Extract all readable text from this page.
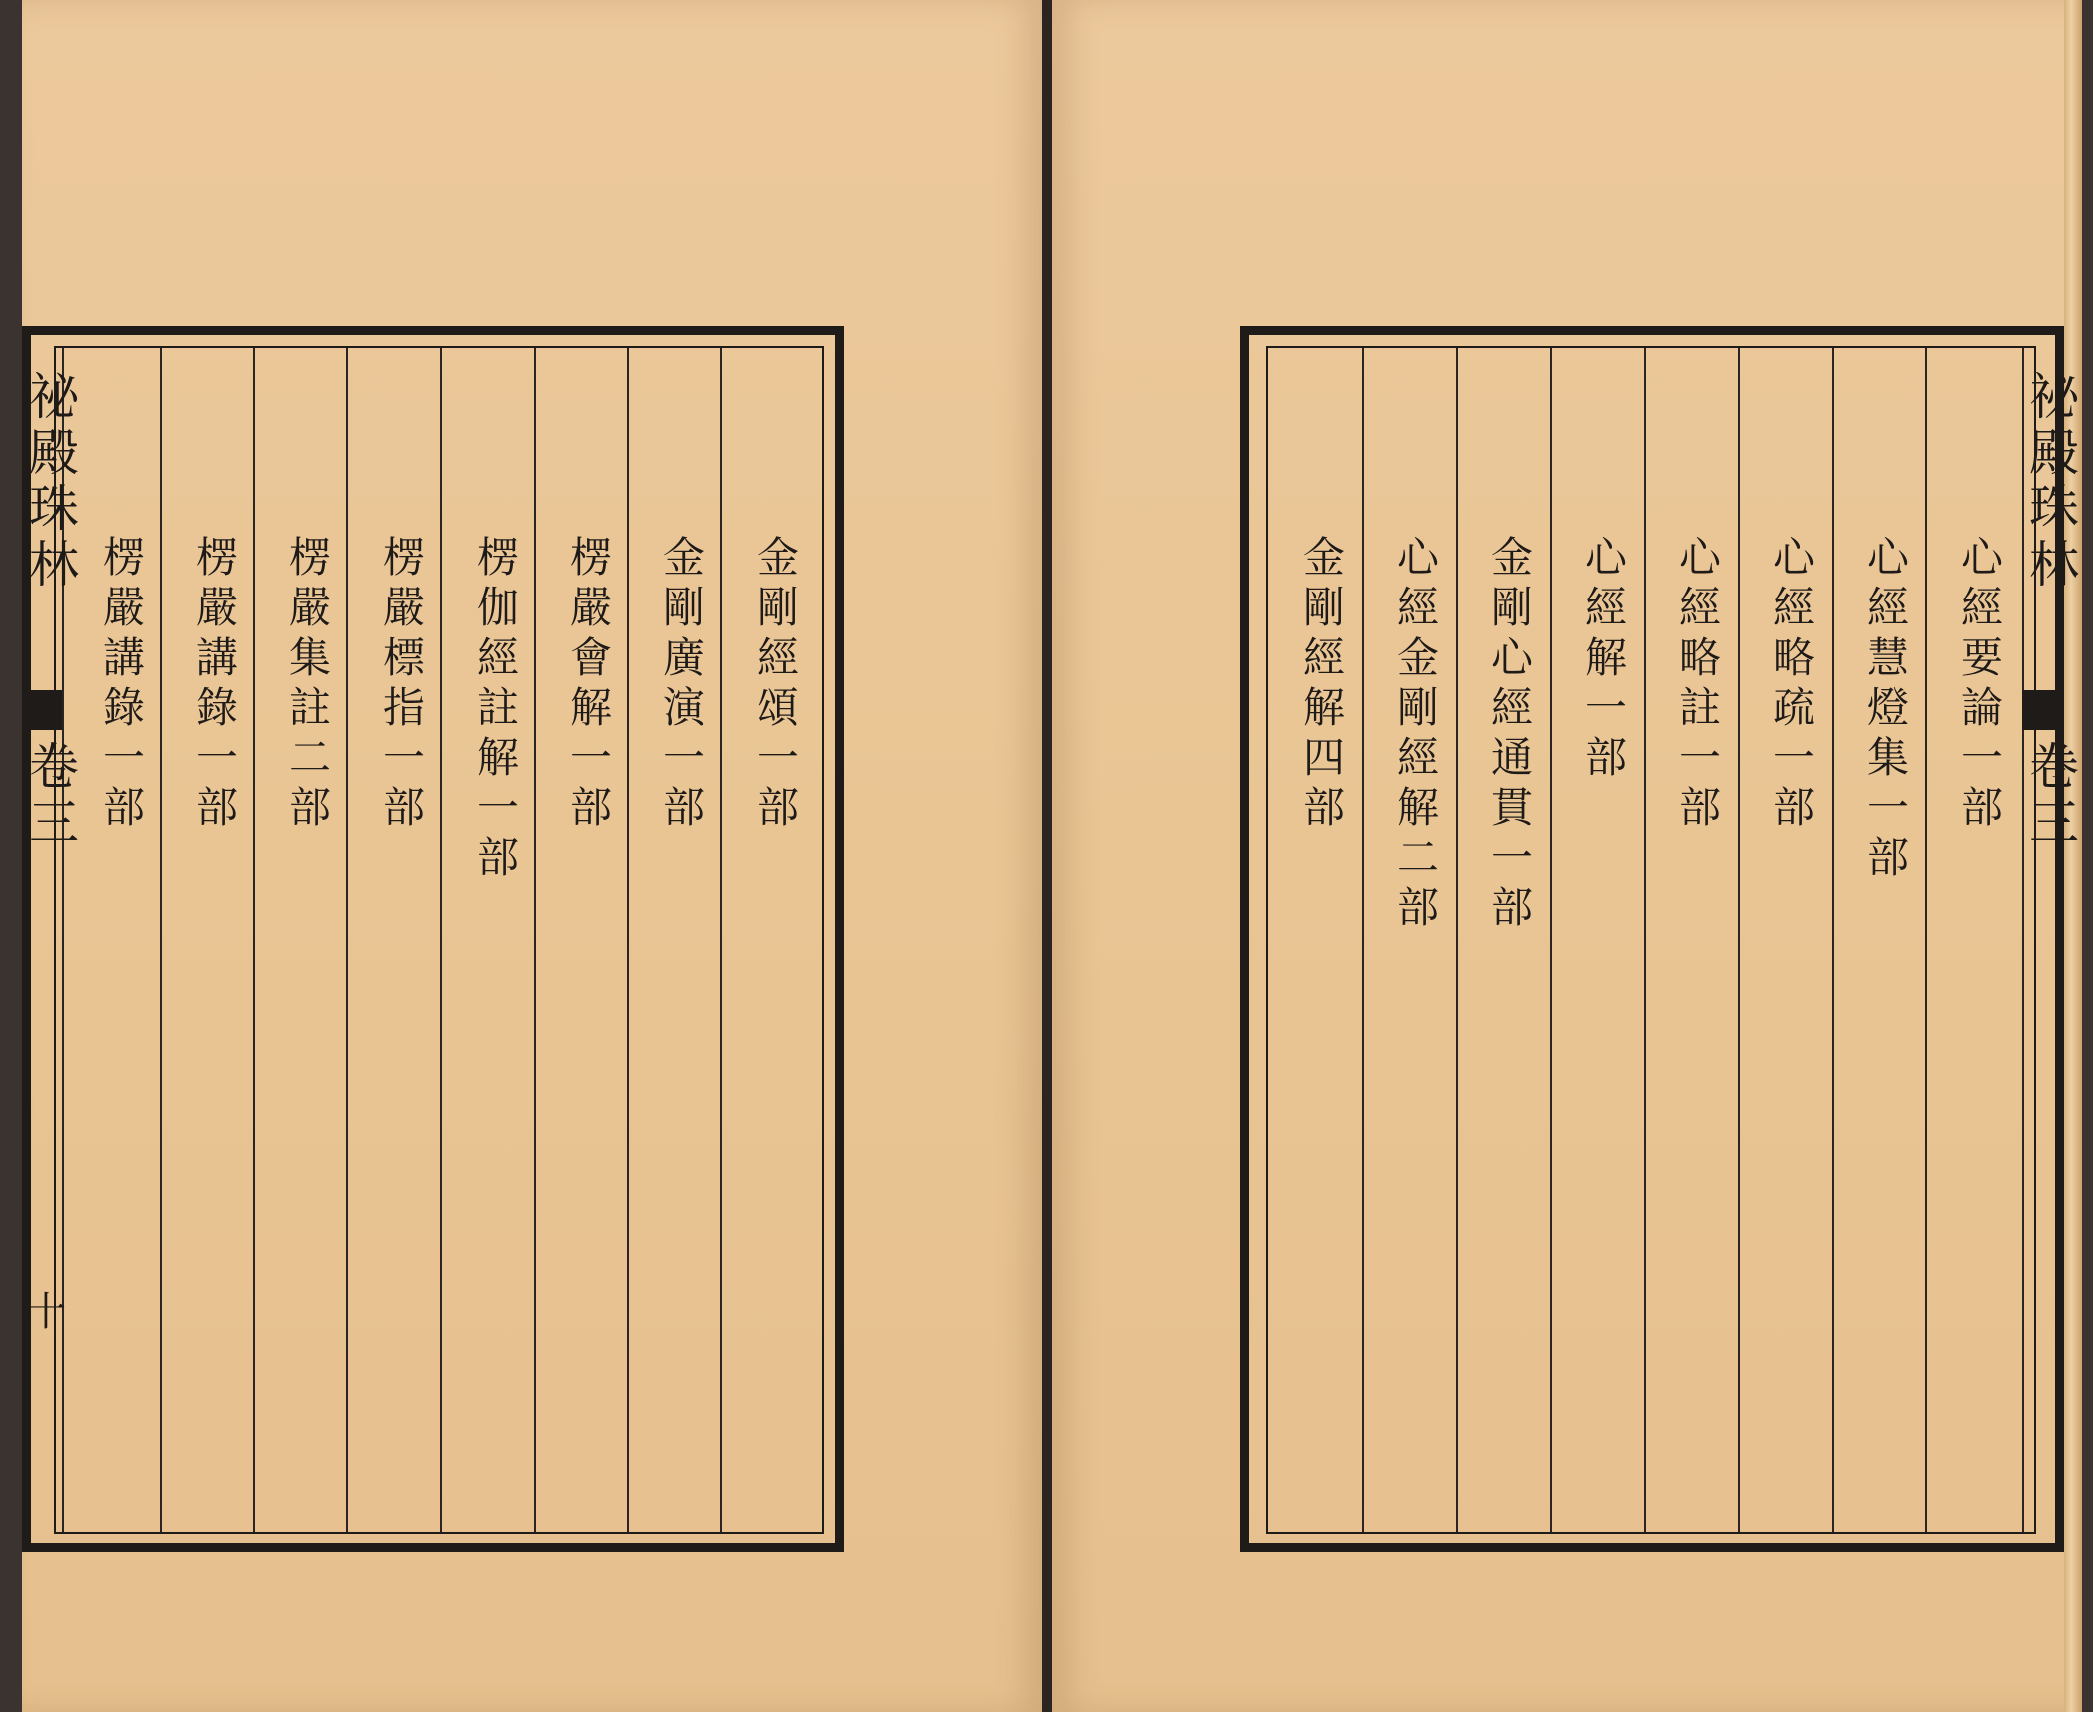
祕殿珠林
卷三
十
金剛經頌一部
金剛廣演一部
楞嚴會解一部
楞伽經註解一部
楞嚴標指一部
楞嚴集註二部
楞嚴講錄一部
楞嚴講錄一部
祕殿珠林
卷三
心經要論一部
心經慧燈集一部
心經略疏一部
心經略註一部
心經解一部
金剛心經通貫一部
心經金剛經解二部
金剛經解四部
